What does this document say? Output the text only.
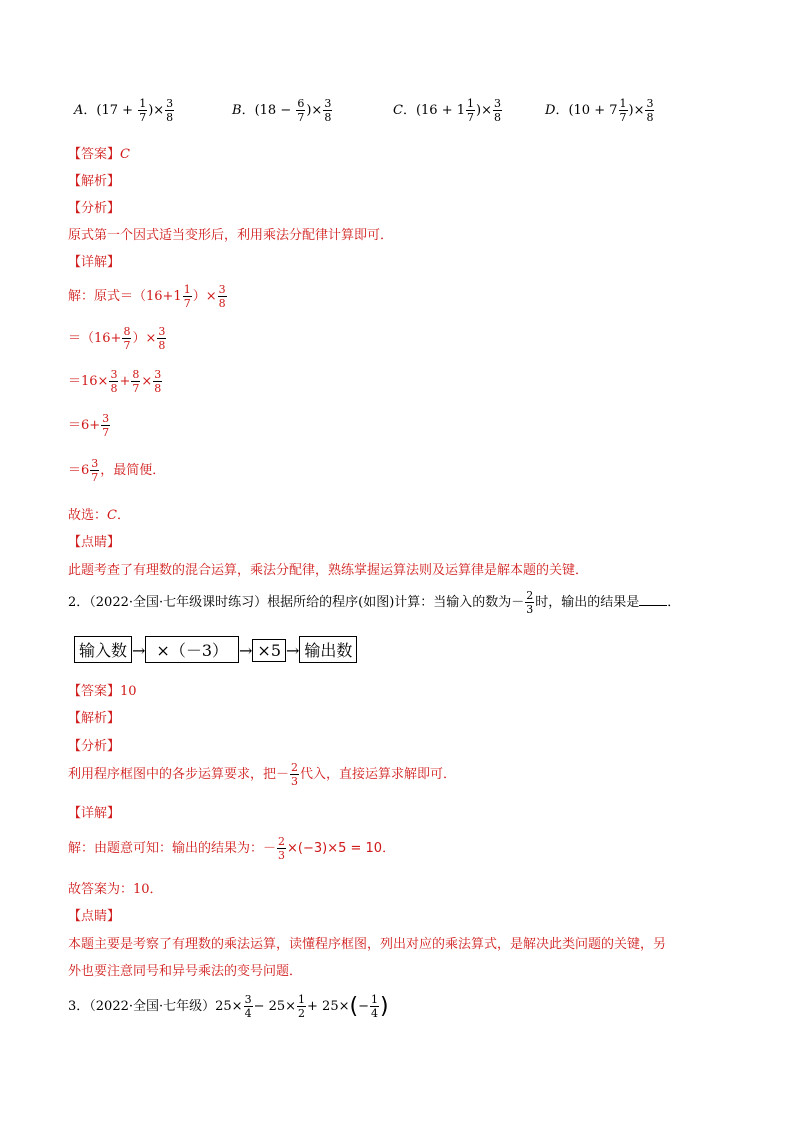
A．($17 + \frac{1}{7}$ )× $\frac{3}{8}$	B．($18 - \frac{6}{7}$ )× $\frac{3}{8}$	C．($16 + 1 \frac{1}{7}$ )× $\frac{3}{8}$	D．($10 + 7 \frac{1}{7}$ )× $\frac{3}{8}$
【答案】C
【解析】
【分析】
原式第一个因式适当变形后，利用乘法分配律计算即可．
【详解】
解：原式$=(16+1 \frac{1}{7}$ ）× $\frac{3}{8}$
$=(16+ \frac{8}{7}$ ）× $\frac{3}{8}$
$=16\times \frac{3}{8} + \frac{8}{7} \times \frac{3}{8}$
$=6+ \frac{3}{7}$
$=6 \frac{3}{7}$ ，最简便．
故选：C．
【点睛】
此题考查了有理数的混合运算，乘法分配律，熟练掌握运算法则及运算律是解本题的关键．
2．（2022·全国·七年级课时练习）根据所给的程序(如图)计算：当输入的数为－ $\frac{2}{3}$ 时，输出的结果是 ．
输入数 → ×（－3） → ×5 → 输出数
【答案】10
【解析】
【分析】
利用程序框图中的各步运算要求，把－ $\frac{2}{3}$ 代入，直接运算求解即可．
【详解】
解：由题意可知：输出的结果为：－ $\frac{2}{3} \times(-3)\times 5 = 10$．
故答案为：10．
【点睛】
本题主要是考察了有理数的乘法运算，读懂程序框图，列出对应的乘法算式，是解决此类问题的关键，另
外也要注意同号和异号乘法的变号问题．
3．（2022·全国·七年级）$25\times \frac{3}{4} - 25\times \frac{1}{2} + 25\times(- \frac{1}{4}$ )
